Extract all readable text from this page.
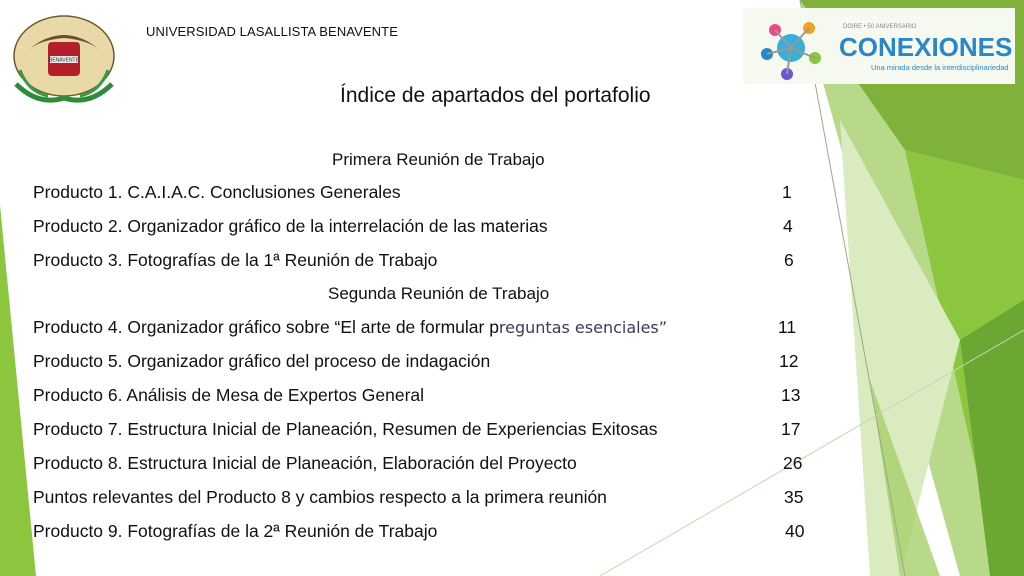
BENAVENTE
UNIVERSIDAD LASALLISTA BENAVENTE	DGIRE • 50 ANIVERSARIO
CONEXIONES
Una mirada desde la interdisciplinariedad
Índice de apartados del portafolio
Primera Reunión de Trabajo
Producto 1. C.A.I.A.C. Conclusiones Generales	1
Producto 2. Organizador gráfico de la interrelación de las materias	4
Producto 3. Fotografías de la 1ª Reunión de Trabajo	6
Segunda Reunión de Trabajo
Producto 4. Organizador gráfico sobre “El arte de formular preguntas esenciales”	11
Producto 5. Organizador gráfico del proceso de indagación	12
Producto 6. Análisis de Mesa de Expertos General	13
Producto 7. Estructura Inicial de Planeación, Resumen de Experiencias Exitosas	17
Producto 8. Estructura Inicial de Planeación, Elaboración del Proyecto	26
Puntos relevantes del Producto 8 y cambios respecto a la primera reunión	35
Producto 9. Fotografías de la 2ª Reunión de Trabajo	40
